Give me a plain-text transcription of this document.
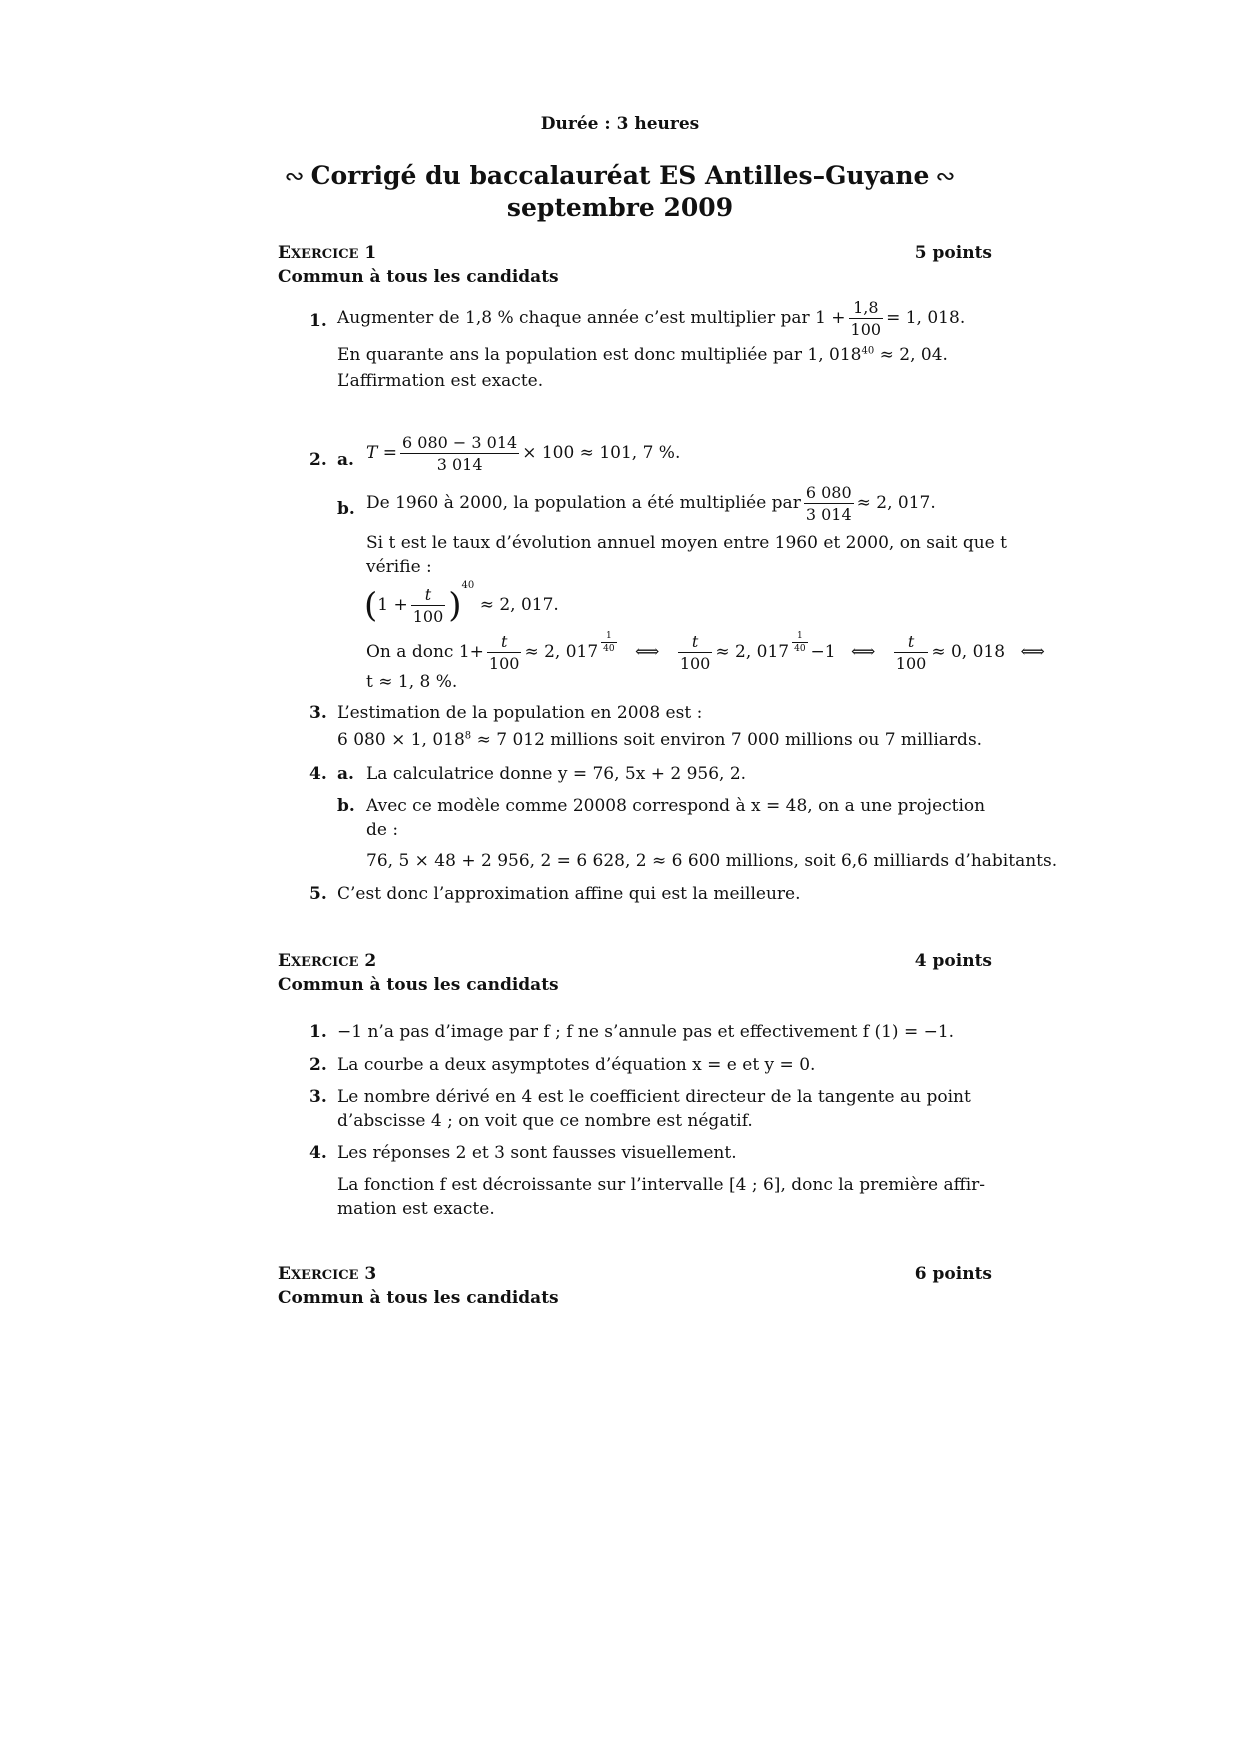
Durée : 3 heures
∾ Corrigé du baccalauréat ES Antilles–Guyane ∾
septembre 2009
EXERCICE 1	5 points
Commun à tous les candidats
1. Augmenter de 1,8 % chaque année c’est multiplier par $1 + \frac{1,8}{100} = 1$, 018.
En quarante ans la population est donc multipliée par 1, $018^{40} \approx 2$, 04.
L’affirmation est exacte.
2. a. $T = \frac{6 080 - 3 014}{3 014} \times 100 \approx 101$, 7 %.
b. De 1960 à 2000, la population a été multipliée par $\frac{6 080}{3 014} \approx 2$, 017.
Si t est le taux d’évolution annuel moyen entre 1960 et 2000, on sait que t
vérifie :
$(1 + \frac{t}{100} )^{40} \approx 2$, 017.
On a donc $1+ \frac{t}{100} \approx 2$, $017 \frac{1}{40}$ ⟺ $\frac{t}{100} \approx 2$, $017 \frac{1}{40} -1$ ⟺ $\frac{t}{100} \approx 0$, 018 ⟺
t ≈ 1, 8 %.
3. L’estimation de la population en 2008 est :
6 080 × 1, $018^8 \approx 7$ 012 millions soit environ 7 000 millions ou 7 milliards.
4. a. La calculatrice donne y = 76, 5x + 2 956, 2.
b. Avec ce modèle comme 20008 correspond à x = 48, on a une projection
de :
76, 5 × 48 + 2 956, 2 = 6 628, 2 ≈ 6 600 millions, soit 6,6 milliards d’habitants.
5. C’est donc l’approximation affine qui est la meilleure.
EXERCICE 2	4 points
Commun à tous les candidats
1. −1 n’a pas d’image par f ; f ne s’annule pas et effectivement f (1) = −1.
2. La courbe a deux asymptotes d’équation x = e et y = 0.
3. Le nombre dérivé en 4 est le coefficient directeur de la tangente au point
d’abscisse 4 ; on voit que ce nombre est négatif.
4. Les réponses 2 et 3 sont fausses visuellement.
La fonction f est décroissante sur l’intervalle [4 ; 6], donc la première affir-
mation est exacte.
EXERCICE 3	6 points
Commun à tous les candidats
